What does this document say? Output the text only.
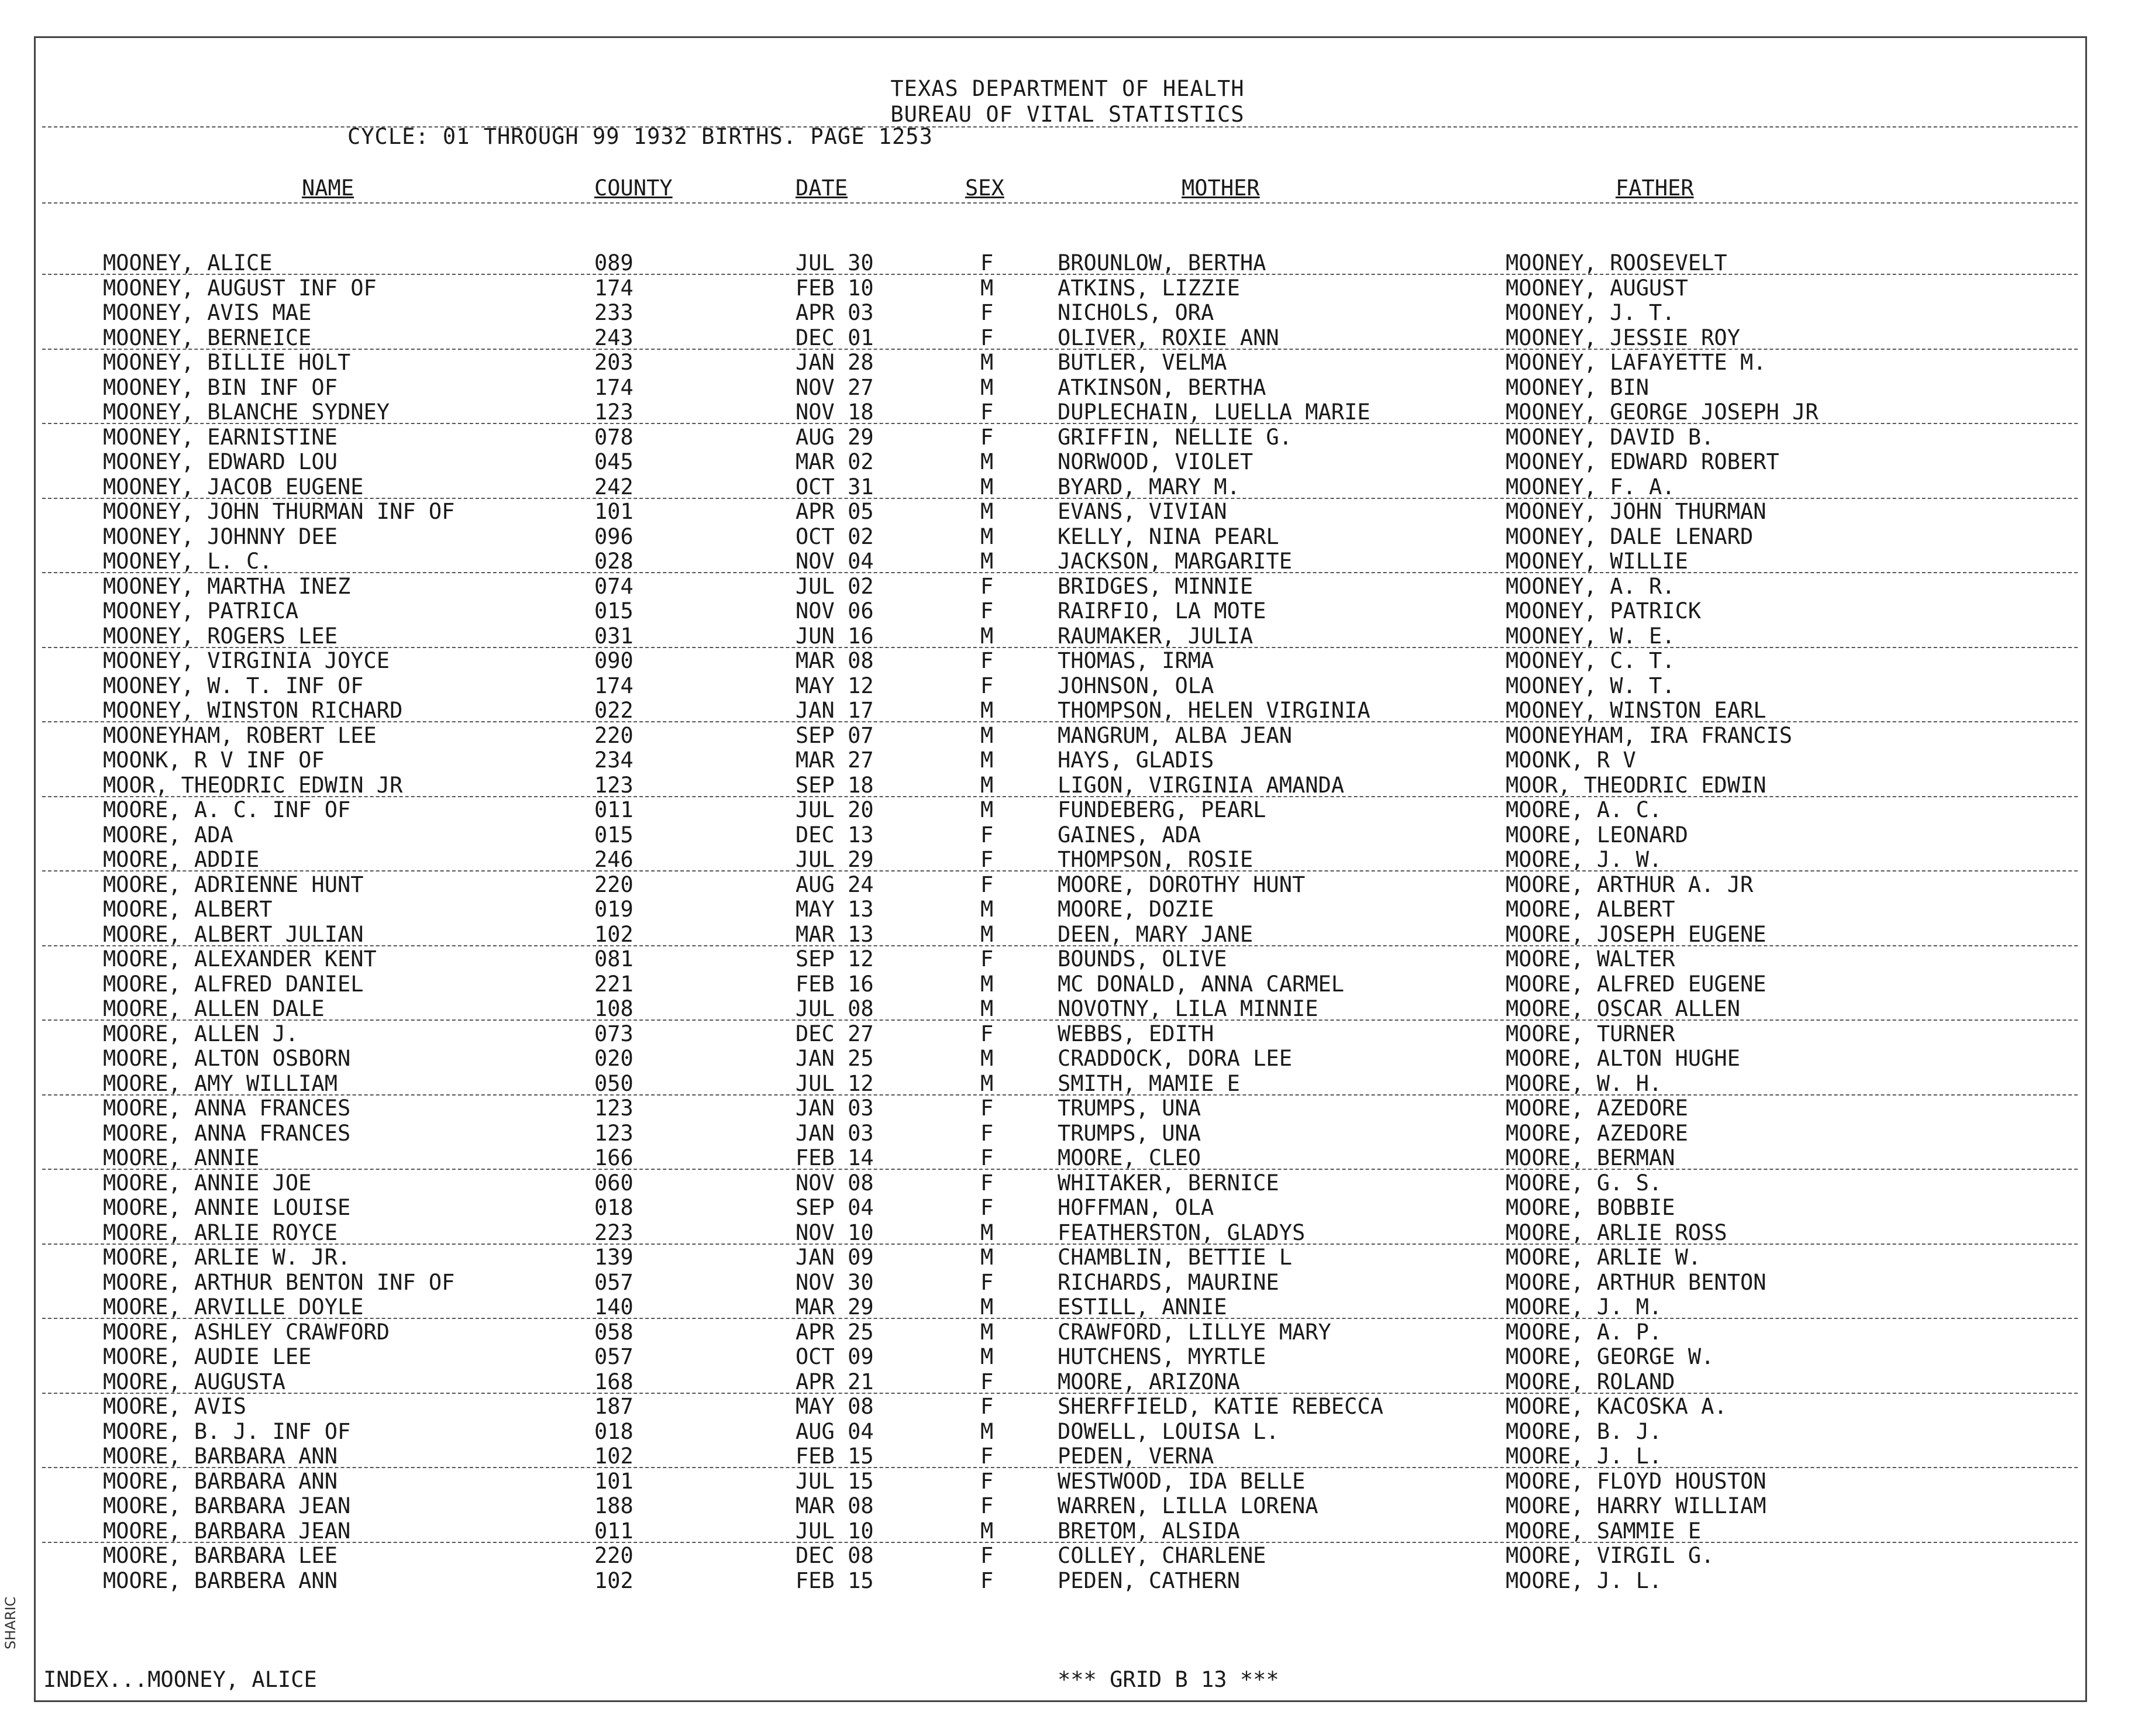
SHARIC
TEXAS DEPARTMENT OF HEALTH
BUREAU OF VITAL STATISTICS
CYCLE: 01 THROUGH 99 1932 BIRTHS. PAGE 1253
NAME	COUNTY	DATE	SEX	MOTHER	FATHER
MOONEY, ALICE	089	JUL 30	F	BROUNLOW, BERTHA	MOONEY, ROOSEVELT
MOONEY, AUGUST INF OF	174	FEB 10	M	ATKINS, LIZZIE	MOONEY, AUGUST
MOONEY, AVIS MAE	233	APR 03	F	NICHOLS, ORA	MOONEY, J. T.
MOONEY, BERNEICE	243	DEC 01	F	OLIVER, ROXIE ANN	MOONEY, JESSIE ROY
MOONEY, BILLIE HOLT	203	JAN 28	M	BUTLER, VELMA	MOONEY, LAFAYETTE M.
MOONEY, BIN INF OF	174	NOV 27	M	ATKINSON, BERTHA	MOONEY, BIN
MOONEY, BLANCHE SYDNEY	123	NOV 18	F	DUPLECHAIN, LUELLA MARIE	MOONEY, GEORGE JOSEPH JR
MOONEY, EARNISTINE	078	AUG 29	F	GRIFFIN, NELLIE G.	MOONEY, DAVID B.
MOONEY, EDWARD LOU	045	MAR 02	M	NORWOOD, VIOLET	MOONEY, EDWARD ROBERT
MOONEY, JACOB EUGENE	242	OCT 31	M	BYARD, MARY M.	MOONEY, F. A.
MOONEY, JOHN THURMAN INF OF	101	APR 05	M	EVANS, VIVIAN	MOONEY, JOHN THURMAN
MOONEY, JOHNNY DEE	096	OCT 02	M	KELLY, NINA PEARL	MOONEY, DALE LENARD
MOONEY, L. C.	028	NOV 04	M	JACKSON, MARGARITE	MOONEY, WILLIE
MOONEY, MARTHA INEZ	074	JUL 02	F	BRIDGES, MINNIE	MOONEY, A. R.
MOONEY, PATRICA	015	NOV 06	F	RAIRFIO, LA MOTE	MOONEY, PATRICK
MOONEY, ROGERS LEE	031	JUN 16	M	RAUMAKER, JULIA	MOONEY, W. E.
MOONEY, VIRGINIA JOYCE	090	MAR 08	F	THOMAS, IRMA	MOONEY, C. T.
MOONEY, W. T. INF OF	174	MAY 12	F	JOHNSON, OLA	MOONEY, W. T.
MOONEY, WINSTON RICHARD	022	JAN 17	M	THOMPSON, HELEN VIRGINIA	MOONEY, WINSTON EARL
MOONEYHAM, ROBERT LEE	220	SEP 07	M	MANGRUM, ALBA JEAN	MOONEYHAM, IRA FRANCIS
MOONK, R V INF OF	234	MAR 27	M	HAYS, GLADIS	MOONK, R V
MOOR, THEODRIC EDWIN JR	123	SEP 18	M	LIGON, VIRGINIA AMANDA	MOOR, THEODRIC EDWIN
MOORE, A. C. INF OF	011	JUL 20	M	FUNDEBERG, PEARL	MOORE, A. C.
MOORE, ADA	015	DEC 13	F	GAINES, ADA	MOORE, LEONARD
MOORE, ADDIE	246	JUL 29	F	THOMPSON, ROSIE	MOORE, J. W.
MOORE, ADRIENNE HUNT	220	AUG 24	F	MOORE, DOROTHY HUNT	MOORE, ARTHUR A. JR
MOORE, ALBERT	019	MAY 13	M	MOORE, DOZIE	MOORE, ALBERT
MOORE, ALBERT JULIAN	102	MAR 13	M	DEEN, MARY JANE	MOORE, JOSEPH EUGENE
MOORE, ALEXANDER KENT	081	SEP 12	F	BOUNDS, OLIVE	MOORE, WALTER
MOORE, ALFRED DANIEL	221	FEB 16	M	MC DONALD, ANNA CARMEL	MOORE, ALFRED EUGENE
MOORE, ALLEN DALE	108	JUL 08	M	NOVOTNY, LILA MINNIE	MOORE, OSCAR ALLEN
MOORE, ALLEN J.	073	DEC 27	F	WEBBS, EDITH	MOORE, TURNER
MOORE, ALTON OSBORN	020	JAN 25	M	CRADDOCK, DORA LEE	MOORE, ALTON HUGHE
MOORE, AMY WILLIAM	050	JUL 12	M	SMITH, MAMIE E	MOORE, W. H.
MOORE, ANNA FRANCES	123	JAN 03	F	TRUMPS, UNA	MOORE, AZEDORE
MOORE, ANNA FRANCES	123	JAN 03	F	TRUMPS, UNA	MOORE, AZEDORE
MOORE, ANNIE	166	FEB 14	F	MOORE, CLEO	MOORE, BERMAN
MOORE, ANNIE JOE	060	NOV 08	F	WHITAKER, BERNICE	MOORE, G. S.
MOORE, ANNIE LOUISE	018	SEP 04	F	HOFFMAN, OLA	MOORE, BOBBIE
MOORE, ARLIE ROYCE	223	NOV 10	M	FEATHERSTON, GLADYS	MOORE, ARLIE ROSS
MOORE, ARLIE W. JR.	139	JAN 09	M	CHAMBLIN, BETTIE L	MOORE, ARLIE W.
MOORE, ARTHUR BENTON INF OF	057	NOV 30	F	RICHARDS, MAURINE	MOORE, ARTHUR BENTON
MOORE, ARVILLE DOYLE	140	MAR 29	M	ESTILL, ANNIE	MOORE, J. M.
MOORE, ASHLEY CRAWFORD	058	APR 25	M	CRAWFORD, LILLYE MARY	MOORE, A. P.
MOORE, AUDIE LEE	057	OCT 09	M	HUTCHENS, MYRTLE	MOORE, GEORGE W.
MOORE, AUGUSTA	168	APR 21	F	MOORE, ARIZONA	MOORE, ROLAND
MOORE, AVIS	187	MAY 08	F	SHERFFIELD, KATIE REBECCA	MOORE, KACOSKA A.
MOORE, B. J. INF OF	018	AUG 04	M	DOWELL, LOUISA L.	MOORE, B. J.
MOORE, BARBARA ANN	102	FEB 15	F	PEDEN, VERNA	MOORE, J. L.
MOORE, BARBARA ANN	101	JUL 15	F	WESTWOOD, IDA BELLE	MOORE, FLOYD HOUSTON
MOORE, BARBARA JEAN	188	MAR 08	F	WARREN, LILLA LORENA	MOORE, HARRY WILLIAM
MOORE, BARBARA JEAN	011	JUL 10	M	BRETOM, ALSIDA	MOORE, SAMMIE E
MOORE, BARBARA LEE	220	DEC 08	F	COLLEY, CHARLENE	MOORE, VIRGIL G.
MOORE, BARBERA ANN	102	FEB 15	F	PEDEN, CATHERN	MOORE, J. L.
INDEX...MOONEY, ALICE	*** GRID B 13 ***
